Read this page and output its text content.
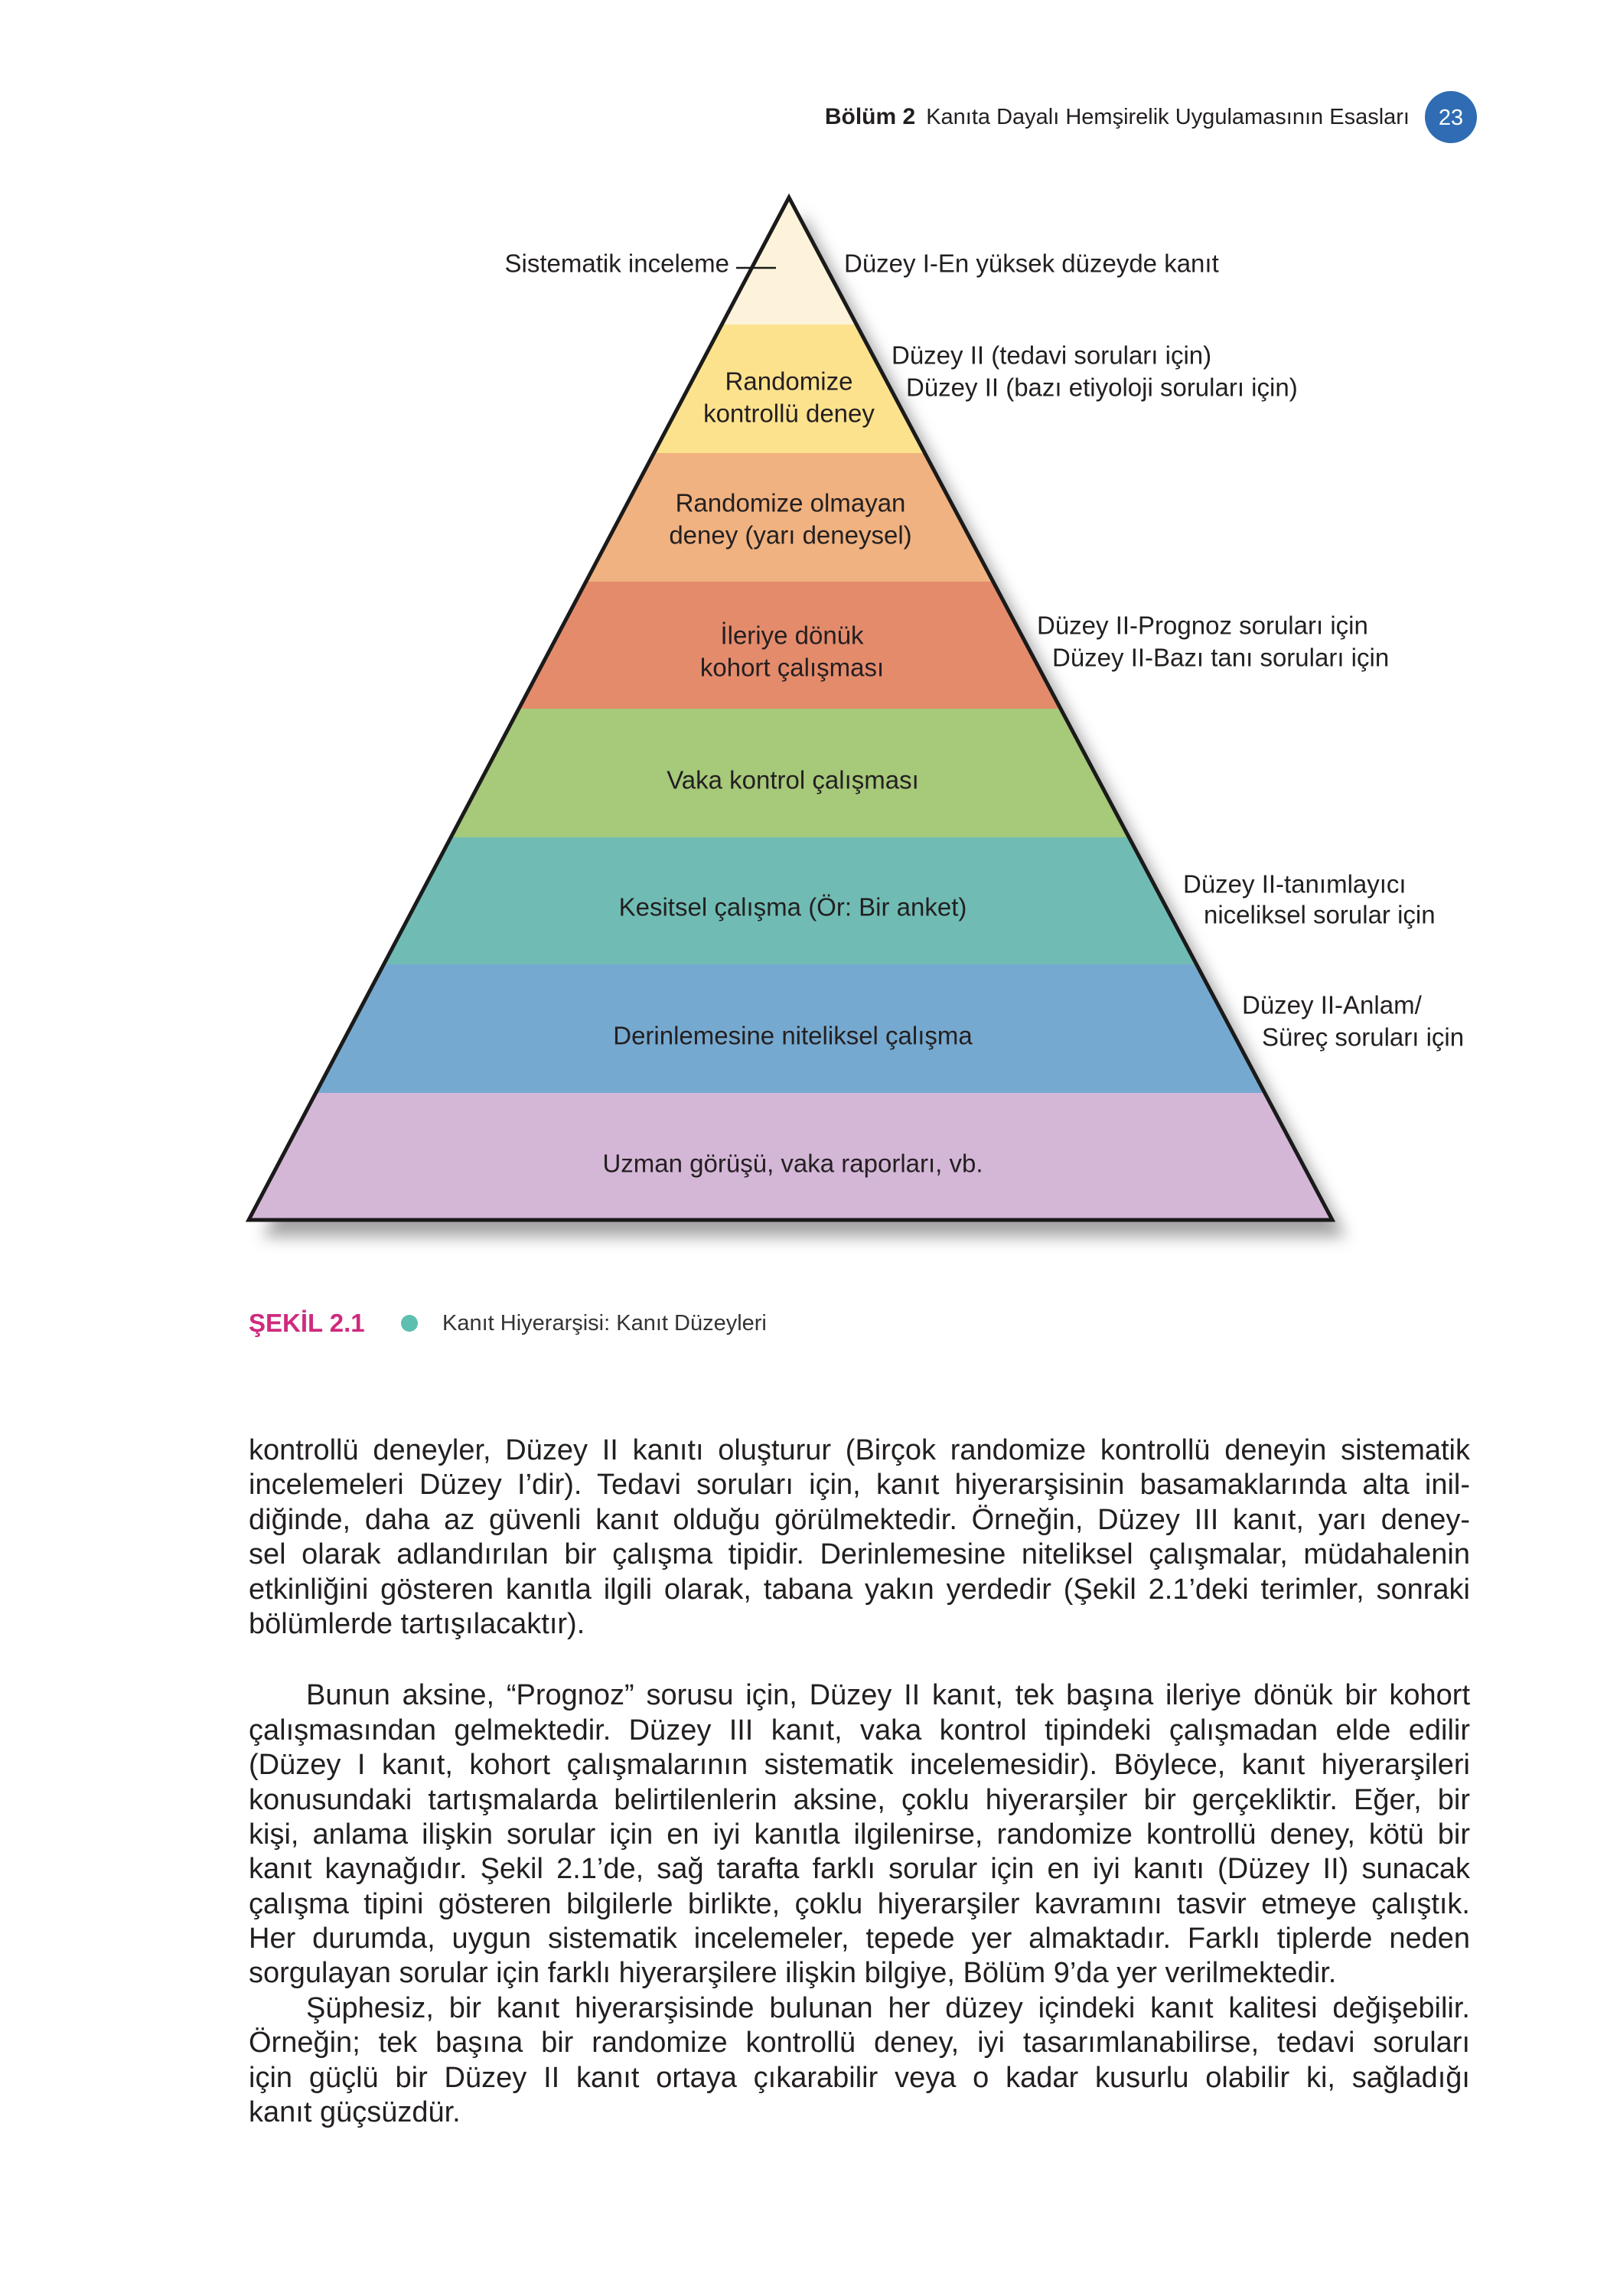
Sistematik inceleme
Randomize
kontrollü deney
Randomize olmayan
deney (yarı deneysel)
İleriye dönük
kohort çalışması
Vaka kontrol çalışması
Kesitsel çalışma (Ör: Bir anket)
Derinlemesine niteliksel çalışma
Uzman görüşü, vaka raporları, vb.
Düzey I-En yüksek düzeyde kanıt
Düzey II (tedavi soruları için)
Düzey II (bazı etiyoloji soruları için)
Düzey II-Prognoz soruları için
Düzey II-Bazı tanı soruları için
Düzey II-tanımlayıcı
niceliksel sorular için
Düzey II-Anlam/
Süreç soruları için
Bölüm 2 Kanıta Dayalı Hemşirelik Uygulamasının Esasları 23
ŞEKİL 2.1	Kanıt Hiyerarşisi: Kanıt Düzeyleri
kontrollü deneyler, Düzey II kanıtı oluşturur (Birçok randomize kontrollü deneyin sistematik
incelemeleri Düzey I’dir). Tedavi soruları için, kanıt hiyerarşisinin basamaklarında alta inil-
diğinde, daha az güvenli kanıt olduğu görülmektedir. Örneğin, Düzey III kanıt, yarı deney-
sel olarak adlandırılan bir çalışma tipidir. Derinlemesine niteliksel çalışmalar, müdahalenin
etkinliğini gösteren kanıtla ilgili olarak, tabana yakın yerdedir (Şekil 2.1’deki terimler, sonraki
bölümlerde tartışılacaktır).
Bunun aksine, “Prognoz” sorusu için, Düzey II kanıt, tek başına ileriye dönük bir kohort
çalışmasından gelmektedir. Düzey III kanıt, vaka kontrol tipindeki çalışmadan elde edilir
(Düzey I kanıt, kohort çalışmalarının sistematik incelemesidir). Böylece, kanıt hiyerarşileri
konusundaki tartışmalarda belirtilenlerin aksine, çoklu hiyerarşiler bir gerçekliktir. Eğer, bir
kişi, anlama ilişkin sorular için en iyi kanıtla ilgilenirse, randomize kontrollü deney, kötü bir
kanıt kaynağıdır. Şekil 2.1’de, sağ tarafta farklı sorular için en iyi kanıtı (Düzey II) sunacak
çalışma tipini gösteren bilgilerle birlikte, çoklu hiyerarşiler kavramını tasvir etmeye çalıştık.
Her durumda, uygun sistematik incelemeler, tepede yer almaktadır. Farklı tiplerde neden
sorgulayan sorular için farklı hiyerarşilere ilişkin bilgiye, Bölüm 9’da yer verilmektedir.
Şüphesiz, bir kanıt hiyerarşisinde bulunan her düzey içindeki kanıt kalitesi değişebilir.
Örneğin; tek başına bir randomize kontrollü deney, iyi tasarımlanabilirse, tedavi soruları
için güçlü bir Düzey II kanıt ortaya çıkarabilir veya o kadar kusurlu olabilir ki, sağladığı
kanıt güçsüzdür.
